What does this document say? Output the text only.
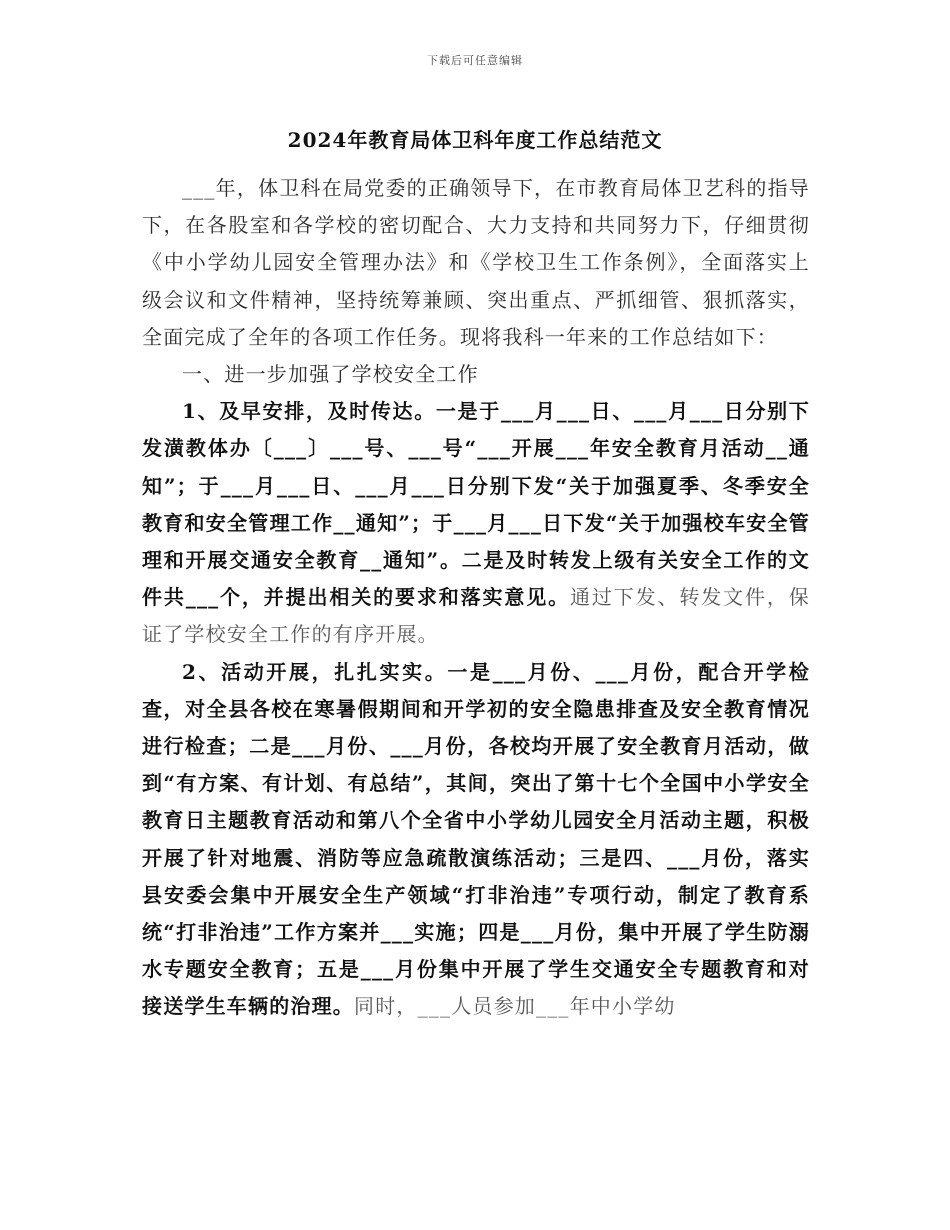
下载后可任意编辑
2024年教育局体卫科年度工作总结范文

___年，体卫科在局党委的正确领导下，在市教育局体卫艺科的指导下，在各股室和各学校的密切配合、大力支持和共同努力下，仔细贯彻《中小学幼儿园安全管理办法》和《学校卫生工作条例》，全面落实上级会议和文件精神，坚持统筹兼顾、突出重点、严抓细管、狠抓落实，全面完成了全年的各项工作任务。现将我科一年来的工作总结如下：

一、进一步加强了学校安全工作

1、及早安排，及时传达。一是于___月___日、___月___日分别下发潢教体办〔___〕___号、___号“___开展___年安全教育月活动__通知”；于___月___日、___月___日分别下发“关于加强夏季、冬季安全教育和安全管理工作__通知”；于___月___日下发“关于加强校车安全管理和开展交通安全教育__通知”。二是及时转发上级有关安全工作的文件共___个，并提出相关的要求和落实意见。通过下发、转发文件，保证了学校安全工作的有序开展。

2、活动开展，扎扎实实。一是___月份、___月份，配合开学检查，对全县各校在寒暑假期间和开学初的安全隐患排查及安全教育情况进行检查；二是___月份、___月份，各校均开展了安全教育月活动，做到“有方案、有计划、有总结”，其间，突出了第十七个全国中小学安全教育日主题教育活动和第八个全省中小学幼儿园安全月活动主题，积极开展了针对地震、消防等应急疏散演练活动；三是四、___月份，落实县安委会集中开展安全生产领域“打非治违”专项行动，制定了教育系统“打非治违”工作方案并___实施；四是___月份，集中开展了学生防溺水专题安全教育；五是___月份集中开展了学生交通安全专题教育和对接送学生车辆的治理。同时，___人员参加___年中小学幼
